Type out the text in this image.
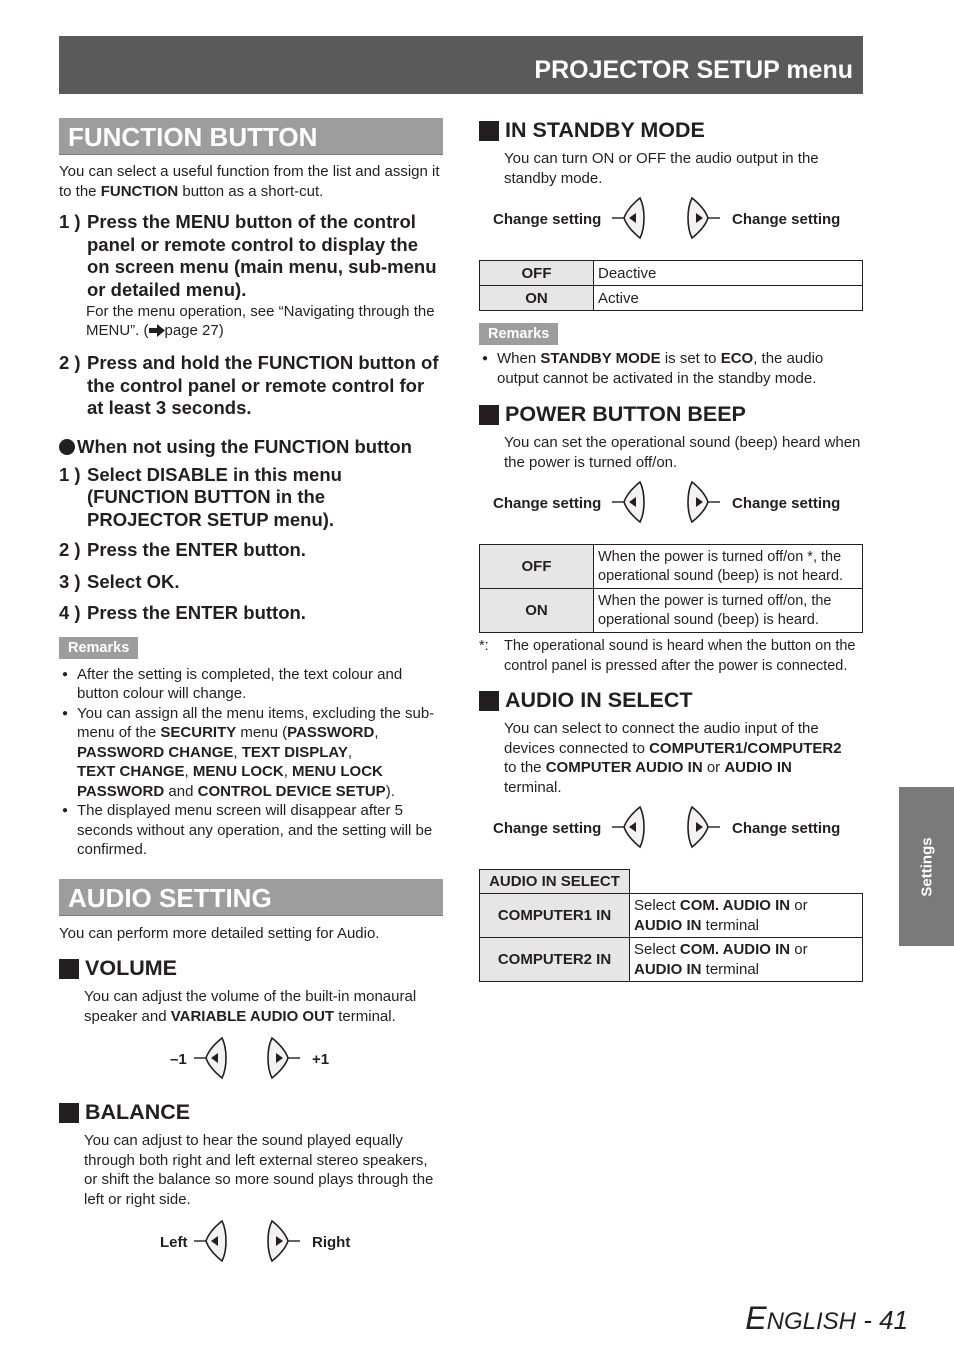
PROJECTOR SETUP menu
FUNCTION BUTTON

You can select a useful function from the list and assign it to the FUNCTION button as a short-cut.

1 ) Press the MENU button of the control panel or remote control to display the on screen menu (main menu, sub-menu or detailed menu).

For the menu operation, see “Navigating through the MENU”. ( page 27)

2 ) Press and hold the FUNCTION button of the control panel or remote control for at least 3 seconds.
When not using the FUNCTION button
1 ) Select DISABLE in this menu (FUNCTION BUTTON in the PROJECTOR SETUP menu).
2 ) Press the ENTER button.
3 ) Select OK.
4 ) Press the ENTER button.
Remarks
● After the setting is completed, the text colour and button colour will change.
● You can assign all the menu items, excluding the sub-menu of the SECURITY menu (PASSWORD, PASSWORD CHANGE, TEXT DISPLAY,
TEXT CHANGE, MENU LOCK, MENU LOCK PASSWORD and CONTROL DEVICE SETUP).
● The displayed menu screen will disappear after 5 seconds without any operation, and the setting will be confirmed.
AUDIO SETTING

You can perform more detailed setting for Audio.

VOLUME

You can adjust the volume of the built-in monaural speaker and VARIABLE AUDIO OUT terminal.

–1	+1
BALANCE

You can adjust to hear the sound played equally through both right and left external stereo speakers, or shift the balance so more sound plays through the left or right side.

Left	Right
IN STANDBY MODE

You can turn ON or OFF the audio output in the standby mode.

Change setting	Change setting
OFF	Deactive
ON	Active
Remarks
● When STANDBY MODE is set to ECO, the audio output cannot be activated in the standby mode.
POWER BUTTON BEEP

You can set the operational sound (beep) heard when the power is turned off/on.

Change setting	Change setting
OFF	When the power is turned off/on *, the operational sound (beep) is not heard.
ON	When the power is turned off/on, the operational sound (beep) is heard.
*:	The operational sound is heard when the button on the control panel is pressed after the power is connected.
AUDIO IN SELECT

You can select to connect the audio input of the devices connected to COMPUTER1/COMPUTER2
to the COMPUTER AUDIO IN or AUDIO IN
terminal.

Change setting	Change setting
AUDIO IN SELECT	
COMPUTER1 IN	Select COM. AUDIO IN or
AUDIO IN terminal
COMPUTER2 IN	Select COM. AUDIO IN or
AUDIO IN terminal
Settings
ENGLISH - 41
